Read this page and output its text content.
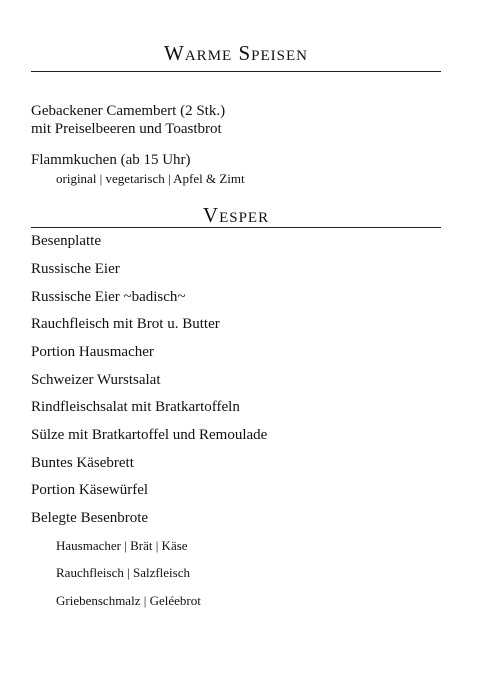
Warme Speisen
Gebackener Camembert (2 Stk.)
mit Preiselbeeren und Toastbrot
Flammkuchen (ab 15 Uhr)
original | vegetarisch | Apfel & Zimt
Vesper
Besenplatte
Russische Eier
Russische Eier ~badisch~
Rauchfleisch mit Brot u. Butter
Portion Hausmacher
Schweizer Wurstsalat
Rindfleischsalat mit Bratkartoffeln
Sülze mit Bratkartoffel und Remoulade
Buntes Käsebrett
Portion Käsewürfel
Belegte Besenbrote
Hausmacher | Brät | Käse
Rauchfleisch | Salzfleisch
Griebenschmalz | Geléebrot
